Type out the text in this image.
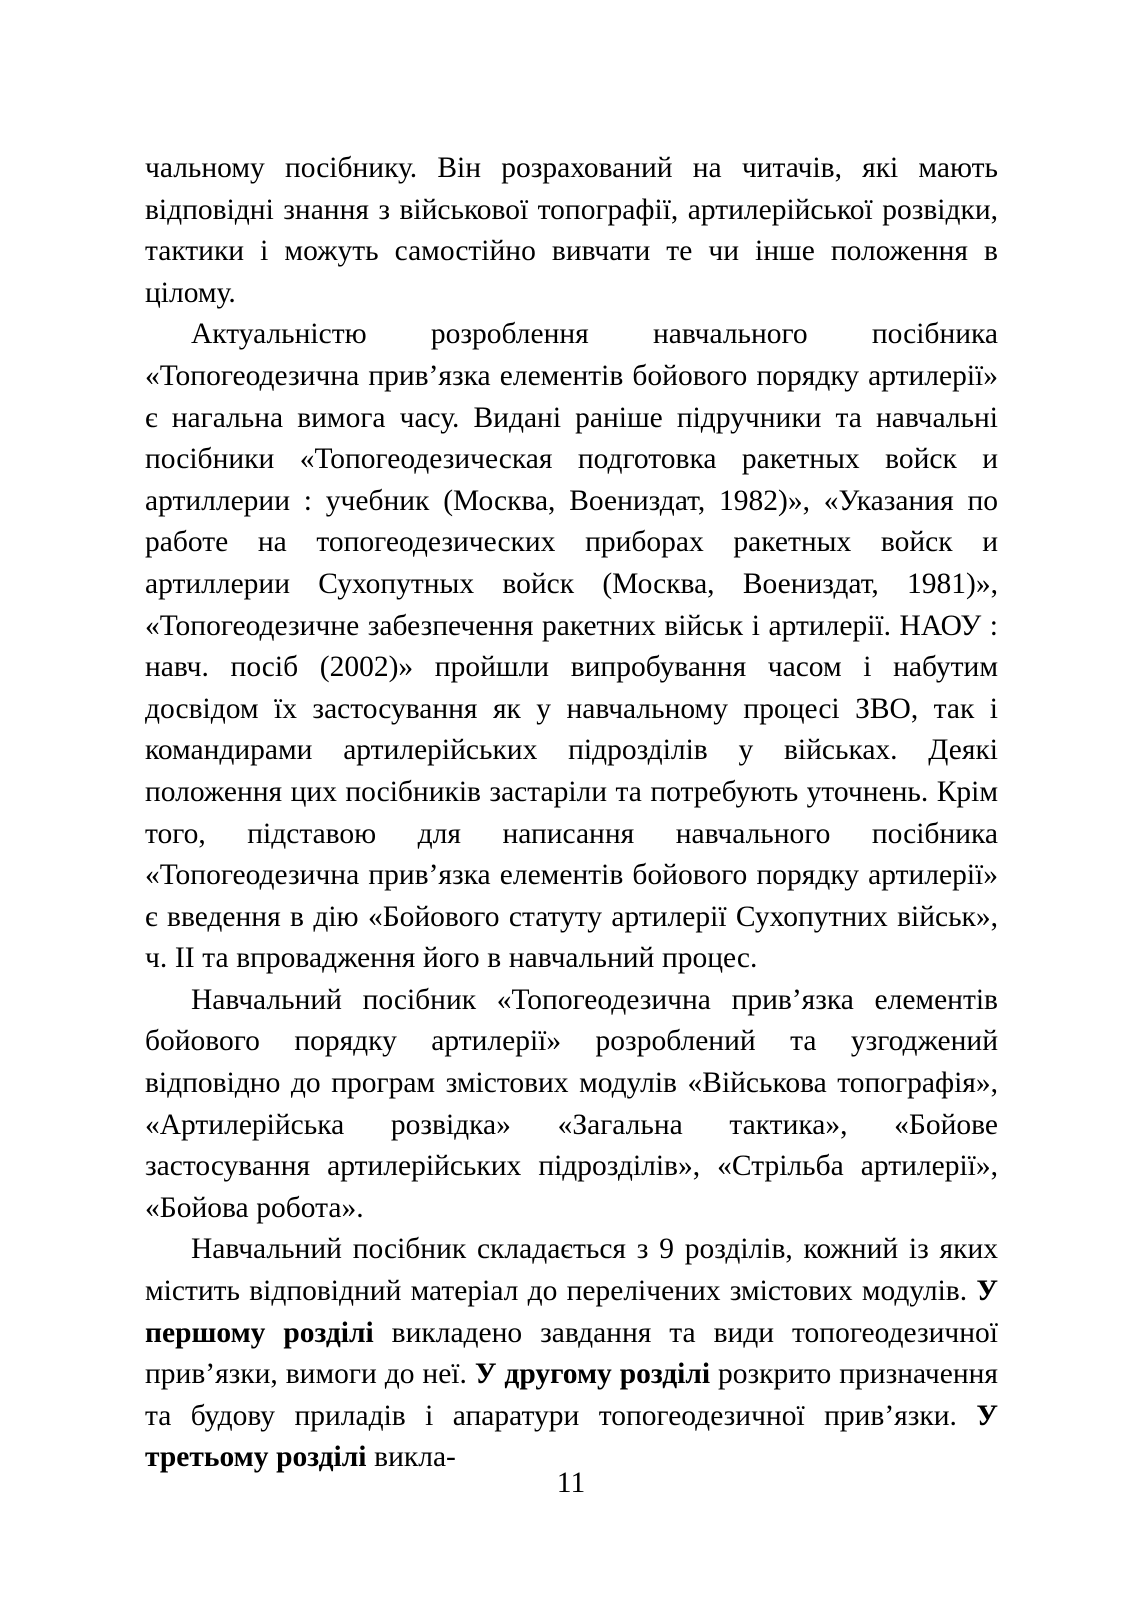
чальному посібнику. Він розрахований на читачів, які мають відповідні знання з військової топографії, артилерійської розвідки, тактики і можуть самостійно вивчати те чи інше положення в цілому.

Актуальністю розроблення навчального посібника «Топогеодезична прив’язка елементів бойового порядку артилерії» є нагальна вимога часу. Видані раніше підручники та навчальні посібники «Топогеодезическая подготовка ракетных войск и артиллерии : учебник (Москва, Воениздат, 1982)», «Указания по работе на топогеодезических приборах ракетных войск и артиллерии Сухопутных войск (Москва, Воениздат, 1981)», «Топогеодезичне забезпечення ракетних військ і артилерії. НАОУ : навч. посіб (2002)» пройшли випробування часом і набутим досвідом їх застосування як у навчальному процесі ЗВО, так і командирами артилерійських підрозділів у військах. Деякі положення цих посібників застаріли та потребують уточнень. Крім того, підставою для написання навчального посібника «Топогеодезична прив’язка елементів бойового порядку артилерії» є введення в дію «Бойового статуту артилерії Сухопутних військ», ч. II та впровадження його в навчальний процес.

Навчальний посібник «Топогеодезична прив’язка елементів бойового порядку артилерії» розроблений та узгоджений відповідно до програм змістових модулів «Військова топографія», «Артилерійська розвідка» «Загальна тактика», «Бойове застосування артилерійських підрозділів», «Стрільба артилерії», «Бойова робота».

Навчальний посібник складається з 9 розділів, кожний із яких містить відповідний матеріал до перелічених змістових модулів. У першому розділі викладено завдання та види топогеодезичної прив’язки, вимоги до неї. У другому розділі розкрито призначення та будову приладів і апаратури топогеодезичної прив’язки. У третьому розділі викла-

11
